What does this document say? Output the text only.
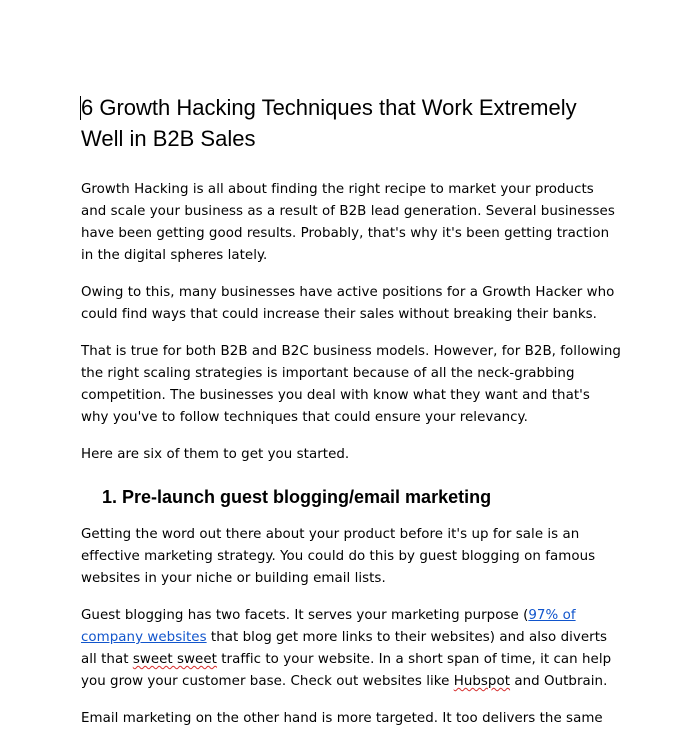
6 Growth Hacking Techniques that Work Extremely Well in B2B Sales

Growth Hacking is all about finding the right recipe to market your products and scale your business as a result of B2B lead generation. Several businesses have been getting good results. Probably, that's why it's been getting traction in the digital spheres lately.

Owing to this, many businesses have active positions for a Growth Hacker who could find ways that could increase their sales without breaking their banks.

That is true for both B2B and B2C business models. However, for B2B, following the right scaling strategies is important because of all the neck-grabbing competition. The businesses you deal with know what they want and that's why you've to follow techniques that could ensure your relevancy.

Here are six of them to get you started.

1. Pre-launch guest blogging/email marketing

Getting the word out there about your product before it's up for sale is an effective marketing strategy. You could do this by guest blogging on famous websites in your niche or building email lists.

Guest blogging has two facets. It serves your marketing purpose (97% of company websites that blog get more links to their websites) and also diverts all that sweet sweet traffic to your website. In a short span of time, it can help you grow your customer base. Check out websites like Hubspot and Outbrain.

Email marketing on the other hand is more targeted. It too delivers the same
